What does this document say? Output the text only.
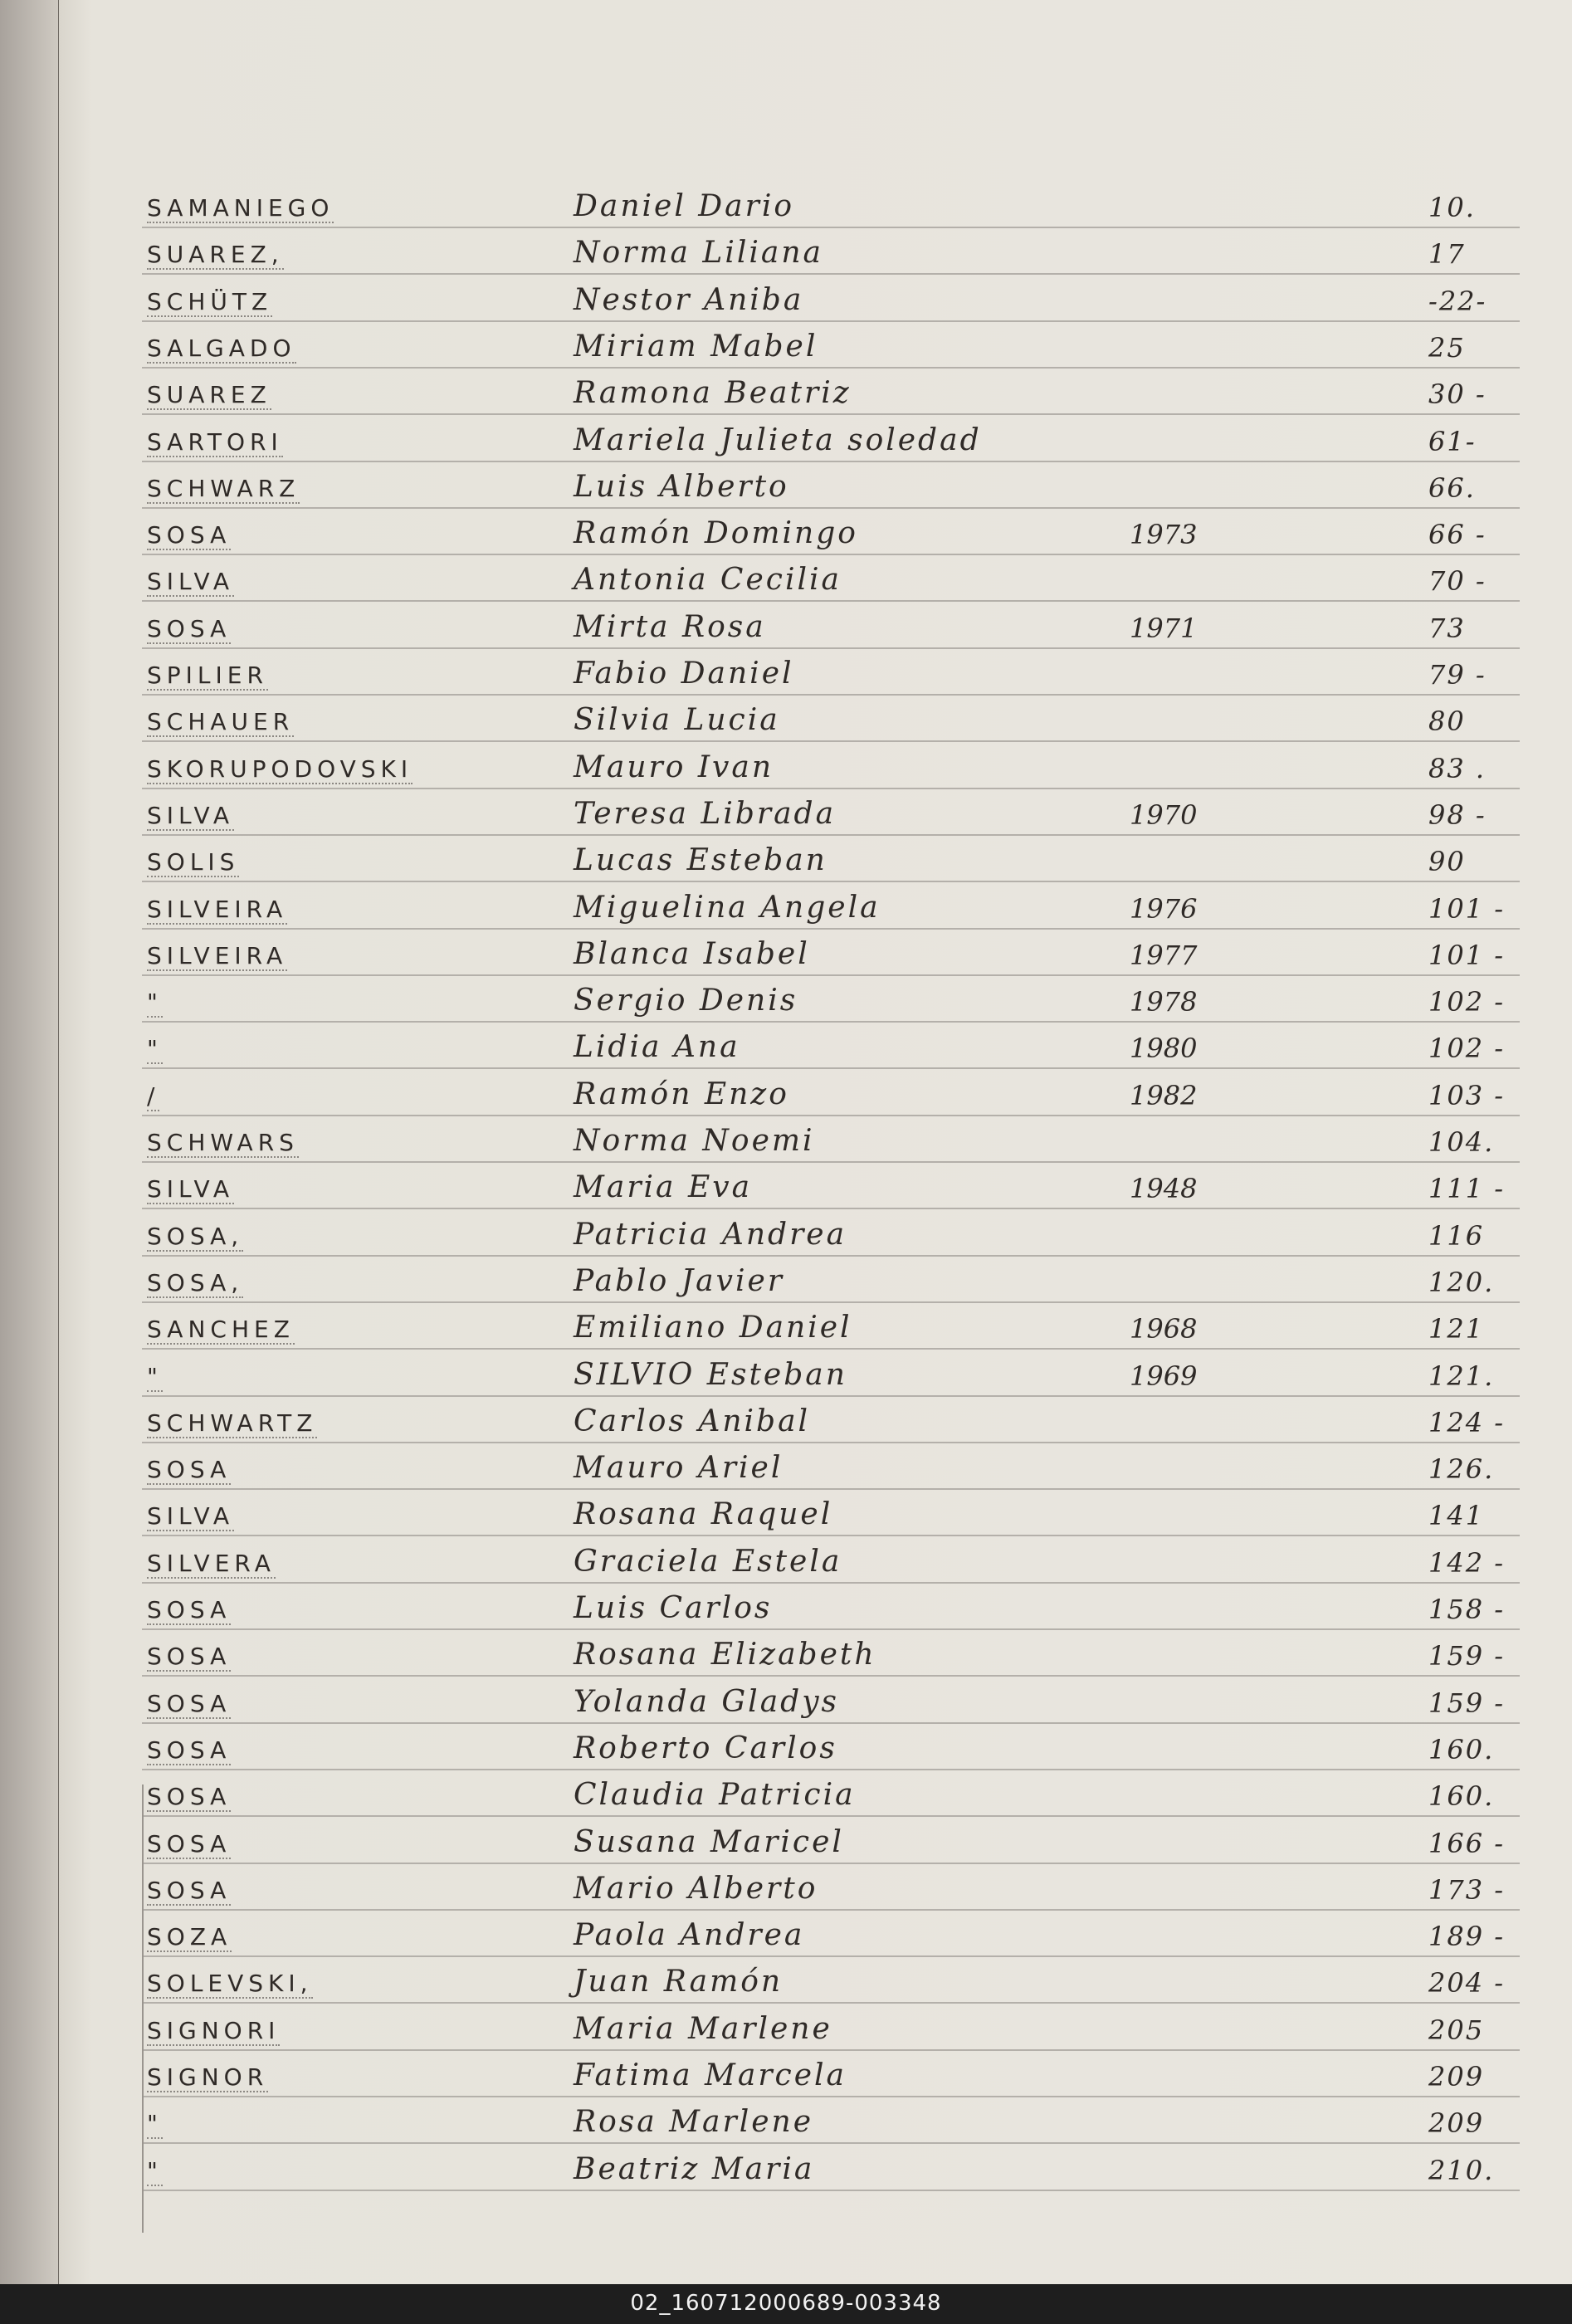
SAMANIEGO	Daniel Dario	10.
SUAREZ,	Norma Liliana	17
SCHÜTZ	Nestor Aniba	-22-
SALGADO	Miriam Mabel	25
SUAREZ	Ramona Beatriz	30 -
SARTORI	Mariela Julieta soledad	61-
SCHWARZ	Luis Alberto	66.
SOSA	Ramón Domingo	1973	66 -
SILVA	Antonia Cecilia	70 -
SOSA	Mirta Rosa	1971	73
SPILIER	Fabio Daniel	79 -
SCHAUER	Silvia Lucia	80
SKORUPODOVSKI	Mauro Ivan	83 .
SILVA	Teresa Librada	1970	98 -
SOLIS	Lucas Esteban	90
SILVEIRA	Miguelina Angela	1976	101 -
SILVEIRA	Blanca Isabel	1977	101 -
"	Sergio Denis	1978	102 -
"	Lidia Ana	1980	102 -
/	Ramón Enzo	1982	103 -
SCHWARS	Norma Noemi	104.
SILVA	Maria Eva	1948	111 -
SOSA,	Patricia Andrea	116
SOSA,	Pablo Javier	120.
SANCHEZ	Emiliano Daniel	1968	121
"	SILVIO Esteban	1969	121.
SCHWARTZ	Carlos Anibal	124 -
SOSA	Mauro Ariel	126.
SILVA	Rosana Raquel	141
SILVERA	Graciela Estela	142 -
SOSA	Luis Carlos	158 -
SOSA	Rosana Elizabeth	159 -
SOSA	Yolanda Gladys	159 -
SOSA	Roberto Carlos	160.
SOSA	Claudia Patricia	160.
SOSA	Susana Maricel	166 -
SOSA	Mario Alberto	173 -
SOZA	Paola Andrea	189 -
SOLEVSKI,	Juan Ramón	204 -
SIGNORI	Maria Marlene	205
SIGNOR	Fatima Marcela	209
"	Rosa Marlene	209
"	Beatriz Maria	210.
02_160712000689-003348
